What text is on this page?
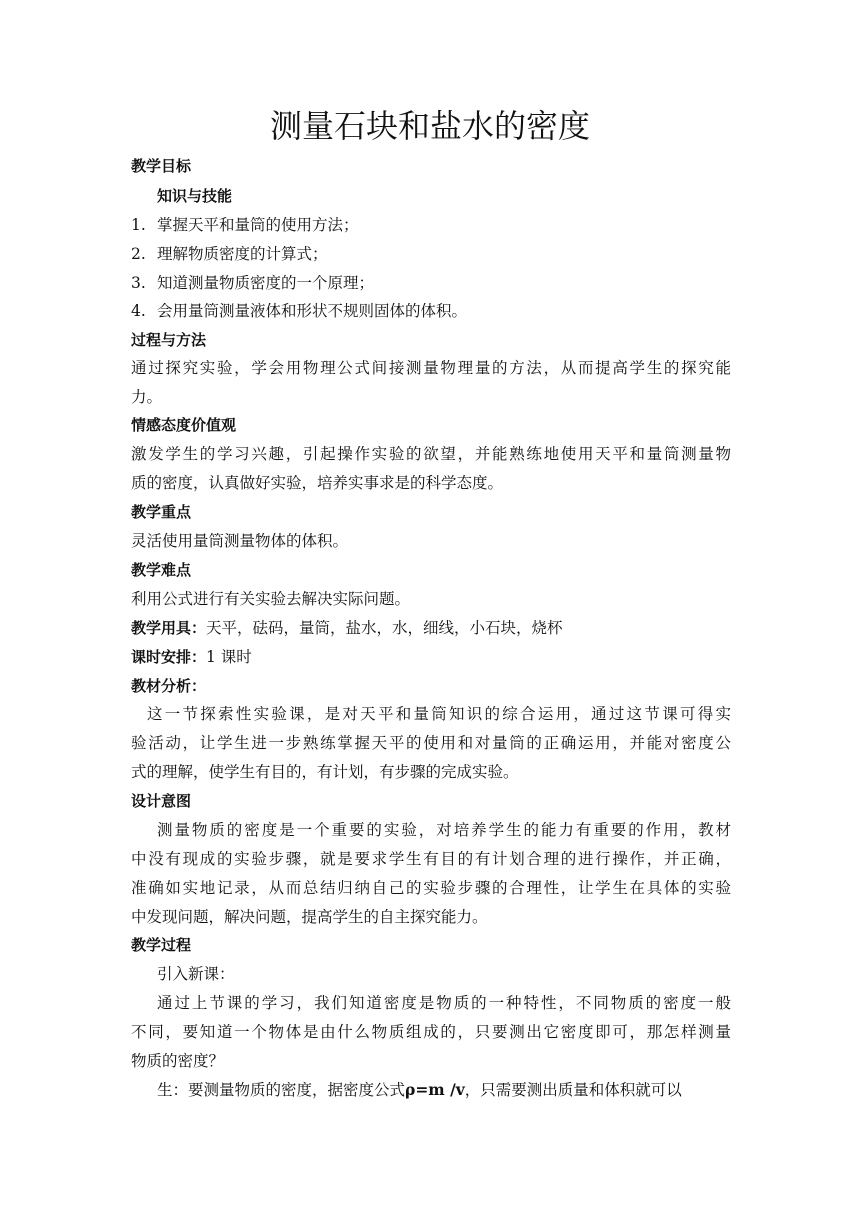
测量石块和盐水的密度
教学目标
知识与技能
1. 掌握天平和量筒的使用方法；
2. 理解物质密度的计算式；
3. 知道测量物质密度的一个原理；
4. 会用量筒测量液体和形状不规则固体的体积。
过程与方法
通过探究实验，学会用物理公式间接测量物理量的方法，从而提高学生的探究能
力。
情感态度价值观
激发学生的学习兴趣，引起操作实验的欲望，并能熟练地使用天平和量筒测量物
质的密度，认真做好实验，培养实事求是的科学态度。
教学重点
灵活使用量筒测量物体的体积。
教学难点
利用公式进行有关实验去解决实际问题。
教学用具：天平，砝码，量筒，盐水，水，细线，小石块，烧杯
课时安排：1 课时
教材分析：
这一节探索性实验课，是对天平和量筒知识的综合运用，通过这节课可得实
验活动，让学生进一步熟练掌握天平的使用和对量筒的正确运用，并能对密度公
式的理解，使学生有目的，有计划，有步骤的完成实验。
设计意图
测量物质的密度是一个重要的实验，对培养学生的能力有重要的作用，教材
中没有现成的实验步骤，就是要求学生有目的有计划合理的进行操作，并正确，
准确如实地记录，从而总结归纳自己的实验步骤的合理性，让学生在具体的实验
中发现问题，解决问题，提高学生的自主探究能力。
教学过程
引入新课：
通过上节课的学习，我们知道密度是物质的一种特性，不同物质的密度一般
不同，要知道一个物体是由什么物质组成的，只要测出它密度即可，那怎样测量
物质的密度？
生：要测量物质的密度，据密度公式ρ=m /v，只需要测出质量和体积就可以
